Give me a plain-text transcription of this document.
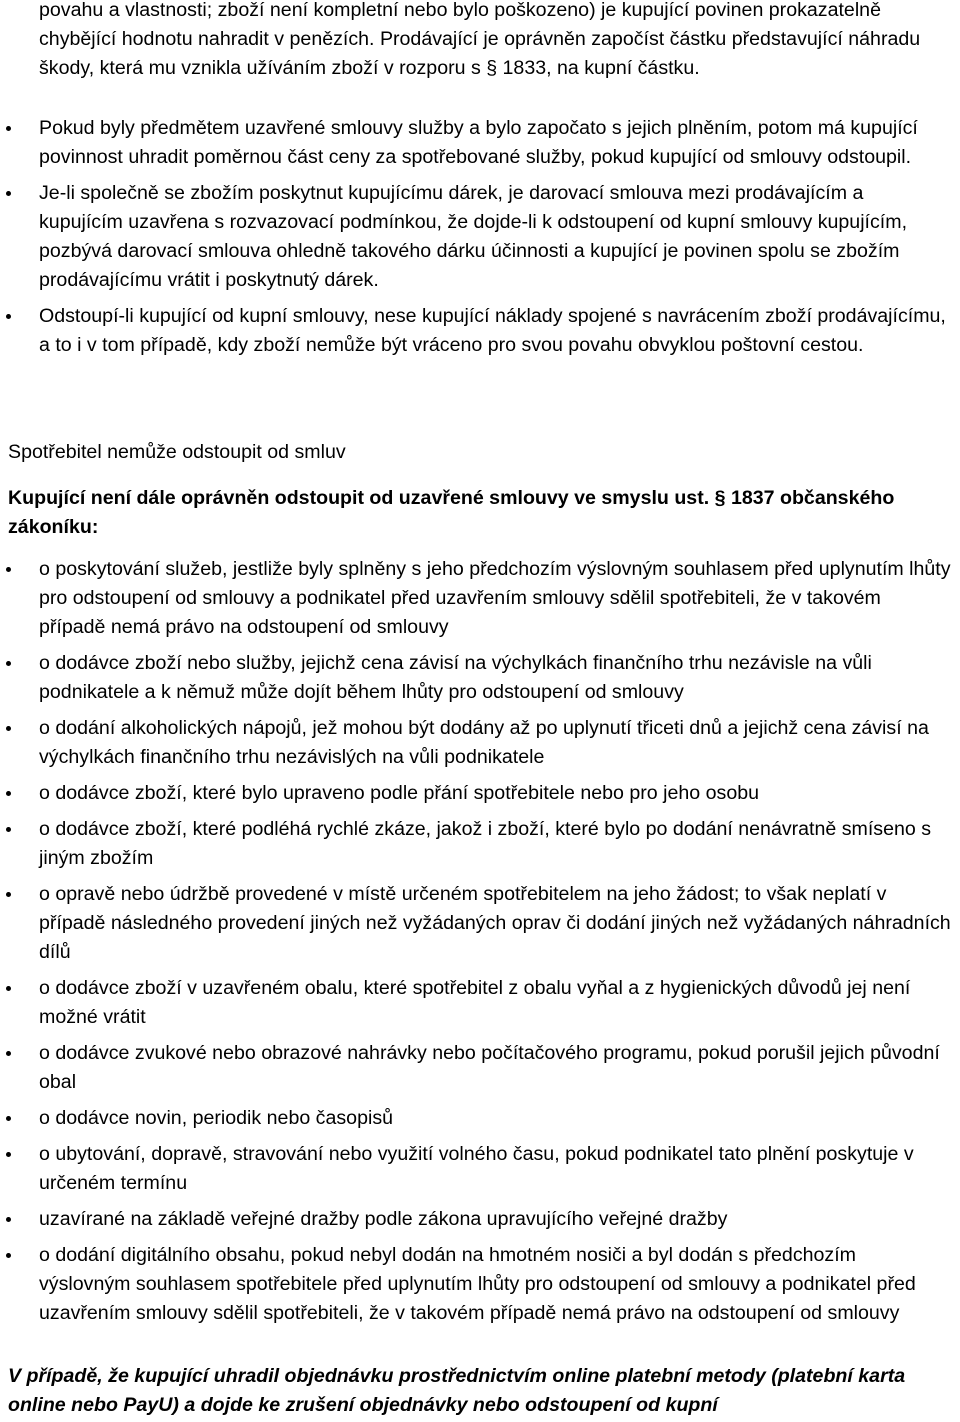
povahu a vlastnosti; zboží není kompletní nebo bylo poškozeno) je kupující povinen prokazatelně chybějící hodnotu nahradit v penězích. Prodávající je oprávněn započíst částku představující náhradu škody, která mu vznikla užíváním zboží v rozporu s § 1833, na kupní částku.

Pokud byly předmětem uzavřené smlouvy služby a bylo započato s jejich plněním, potom má kupující povinnost uhradit poměrnou část ceny za spotřebované služby, pokud kupující od smlouvy odstoupil.
Je-li společně se zbožím poskytnut kupujícímu dárek, je darovací smlouva mezi prodávajícím a kupujícím uzavřena s rozvazovací podmínkou, že dojde-li k odstoupení od kupní smlouvy kupujícím, pozbývá darovací smlouva ohledně takového dárku účinnosti a kupující je povinen spolu se zbožím prodávajícímu vrátit i poskytnutý dárek.
Odstoupí-li kupující od kupní smlouvy, nese kupující náklady spojené s navrácením zboží prodávajícímu, a to i v tom případě, kdy zboží nemůže být vráceno pro svou povahu obvyklou poštovní cestou.
Spotřebitel nemůže odstoupit od smluv
Kupující není dále oprávněn odstoupit od uzavřené smlouvy ve smyslu ust. § 1837 občanského zákoníku:
o poskytování služeb, jestliže byly splněny s jeho předchozím výslovným souhlasem před uplynutím lhůty pro odstoupení od smlouvy a podnikatel před uzavřením smlouvy sdělil spotřebiteli, že v takovém případě nemá právo na odstoupení od smlouvy
o dodávce zboží nebo služby, jejichž cena závisí na výchylkách finančního trhu nezávisle na vůli podnikatele a k němuž může dojít během lhůty pro odstoupení od smlouvy
o dodání alkoholických nápojů, jež mohou být dodány až po uplynutí třiceti dnů a jejichž cena závisí na výchylkách finančního trhu nezávislých na vůli podnikatele
o dodávce zboží, které bylo upraveno podle přání spotřebitele nebo pro jeho osobu
o dodávce zboží, které podléhá rychlé zkáze, jakož i zboží, které bylo po dodání nenávratně smíseno s jiným zbožím
o opravě nebo údržbě provedené v místě určeném spotřebitelem na jeho žádost; to však neplatí v případě následného provedení jiných než vyžádaných oprav či dodání jiných než vyžádaných náhradních dílů
o dodávce zboží v uzavřeném obalu, které spotřebitel z obalu vyňal a z hygienických důvodů jej není možné vrátit
o dodávce zvukové nebo obrazové nahrávky nebo počítačového programu, pokud porušil jejich původní obal
o dodávce novin, periodik nebo časopisů
o ubytování, dopravě, stravování nebo využití volného času, pokud podnikatel tato plnění poskytuje v určeném termínu
uzavírané na základě veřejné dražby podle zákona upravujícího veřejné dražby
o dodání digitálního obsahu, pokud nebyl dodán na hmotném nosiči a byl dodán s předchozím výslovným souhlasem spotřebitele před uplynutím lhůty pro odstoupení od smlouvy a podnikatel před uzavřením smlouvy sdělil spotřebiteli, že v takovém případě nemá právo na odstoupení od smlouvy

V případě, že kupující uhradil objednávku prostřednictvím online platební metody (platební karta online nebo PayU) a dojde ke zrušení objednávky nebo odstoupení od kupní
